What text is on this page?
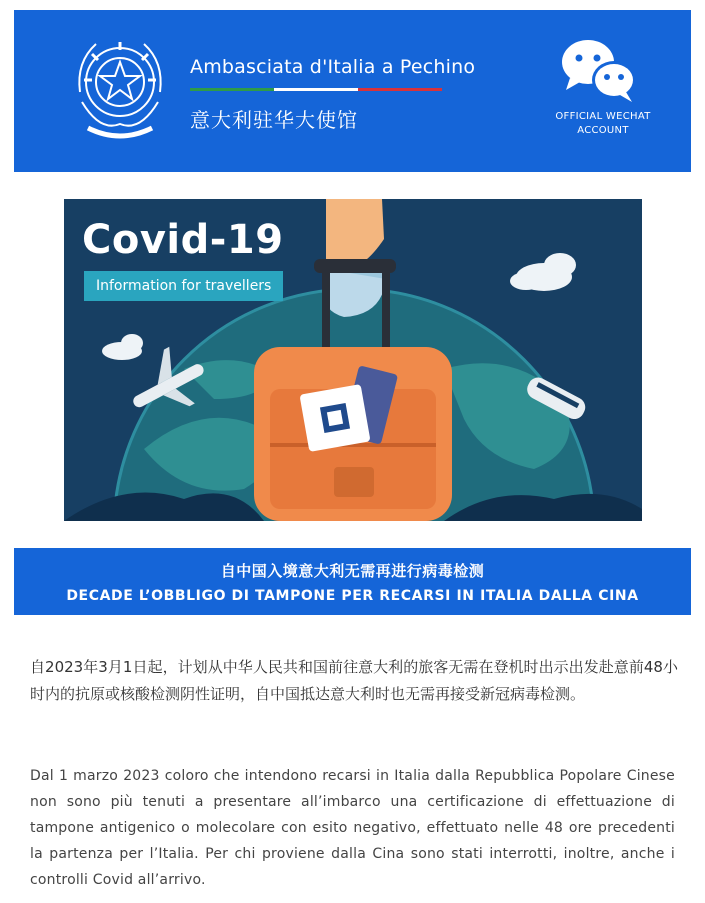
Ambasciata d'Italia a Pechino
意大利驻华大使馆	OFFICIAL WECHAT
ACCOUNT
Covid-19
Information for travellers
自中国入境意大利无需再进行病毒检测
DECADE L’OBBLIGO DI TAMPONE PER RECARSI IN ITALIA DALLA CINA

自2023年3月1日起，计划从中华人民共和国前往意大利的旅客无需在登机时出示出发赴意前48小时内的抗原或核酸检测阴性证明，自中国抵达意大利时也无需再接受新冠病毒检测。

Dal 1 marzo 2023 coloro che intendono recarsi in Italia dalla Repubblica Popolare Cinese non sono più tenuti a presentare all’imbarco una certificazione di effettuazione di tampone antigenico o molecolare con esito negativo, effettuato nelle 48 ore precedenti la partenza per l’Italia. Per chi proviene dalla Cina sono stati interrotti, inoltre, anche i controlli Covid all’arrivo.
